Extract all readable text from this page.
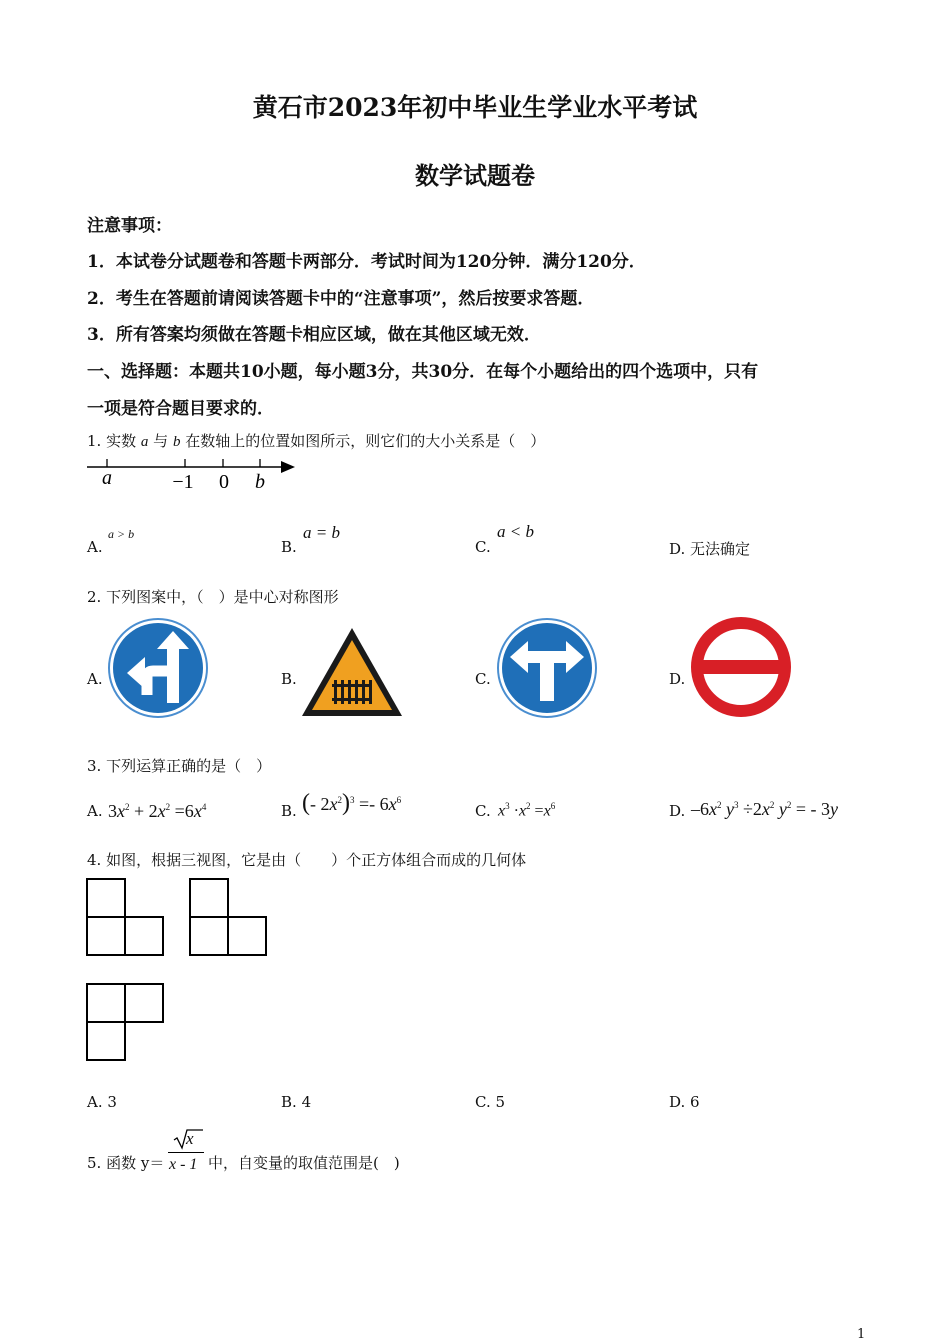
黄石市2023年初中毕业生学业水平考试
数学试题卷
注意事项：
1．本试卷分试题卷和答题卡两部分．考试时间为120分钟．满分120分．
2．考生在答题前请阅读答题卡中的“注意事项”，然后按要求答题．
3．所有答案均须做在答题卡相应区域，做在其他区域无效．
一、选择题：本题共10小题，每小题3分，共30分．在每个小题给出的四个选项中，只有
一项是符合题目要求的．
1. 实数 a 与 b 在数轴上的位置如图所示，则它们的大小关系是（　）
a	−1 0 b
A.
a > b
B.
a = b
C.
a < b
D. 无法确定
2. 下列图案中，（　）是中心对称图形
A.	B.	C.	D.
3. 下列运算正确的是（　）
A. $3x^2 + 2x^2 =6x^4$	B. (- $2x^2)^3 =- 6x^6$
C. $x^3 \cdot x^2 =x^6$	D. $-6x^2$ $y^3 \div 2x^2$ $y^2$ = - 3y
4. 如图，根据三视图，它是由（　　）个正方体组合而成的几何体
A. 3	B. 4	C. 5	D. 6
5. 函数 y＝
x
x - 1 中，自变量的取值范围是(　)
1
